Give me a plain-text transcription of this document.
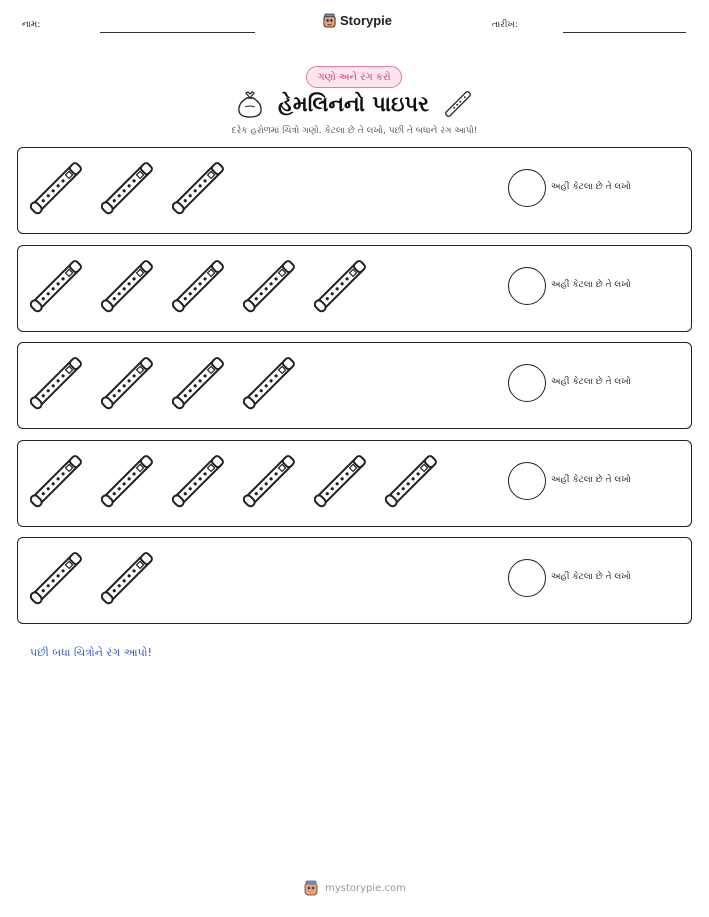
નામ:	Storypie	તારીખ:
ગણો અને રંગ કરો
હેમલિનનો પાઇપર
દરેક હરોળમાં ચિત્રો ગણો. કેટલા છે તે લખો, પછી તે બધાને રંગ આપો!
અહીં કેટલા છે તે લખો
અહીં કેટલા છે તે લખો
અહીં કેટલા છે તે લખો
અહીં કેટલા છે તે લખો
અહીં કેટલા છે તે લખો
પછી બધા ચિત્રોને રંગ આપો!
mystorypie.com
